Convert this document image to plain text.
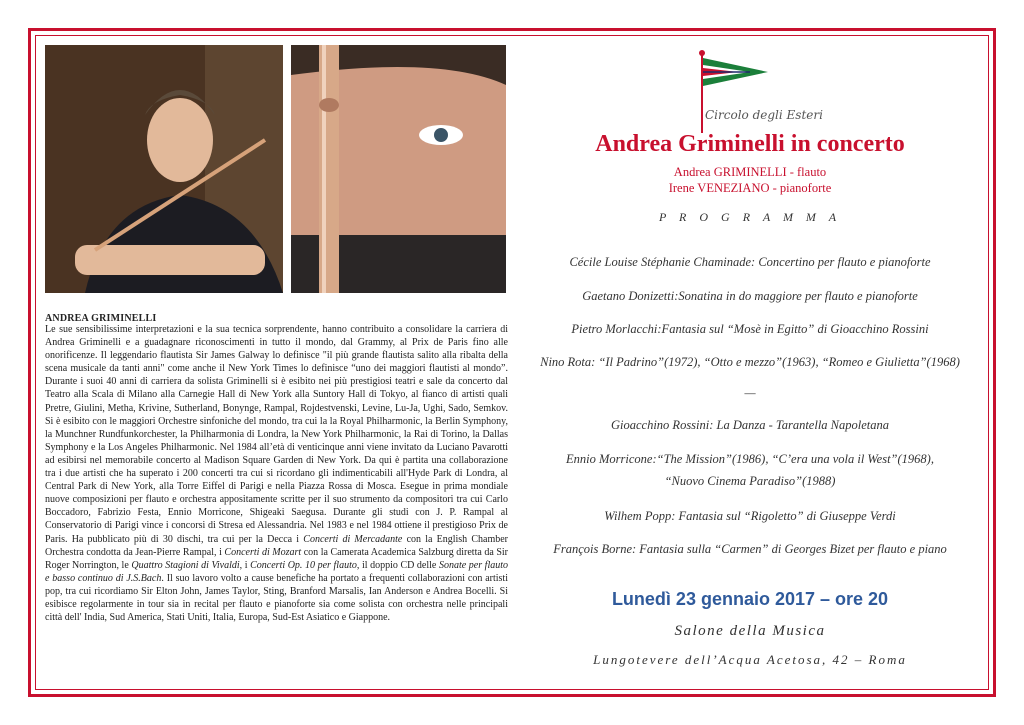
ANDREA GRIMINELLI
Le sue sensibilissime interpretazioni e la sua tecnica sorprendente, hanno contribuito a consolidare la carriera di Andrea Griminelli e a guadagnare riconoscimenti in tutto il mondo, dal Grammy, al Prix de Paris fino alle onorificenze. Il leggendario flautista Sir James Galway lo definisce "il più grande flautista salito alla ribalta della scena musicale da tanti anni" come anche il New York Times lo definisce “uno dei maggiori flautisti al mondo”. Durante i suoi 40 anni di carriera da solista Griminelli si è esibito nei più prestigiosi teatri e sale da concerto dal Teatro alla Scala di Milano alla Carnegie Hall di New York alla Suntory Hall di Tokyo, al fianco di artisti quali Pretre, Giulini, Metha, Krivine, Sutherland, Bonynge, Rampal, Rojdestvenski, Levine, Lu-Ja, Ughi, Sado, Semkov. Si è esibito con le maggiori Orchestre sinfoniche del mondo, tra cui la la Royal Philharmonic, la Berlin Symphony, la Munchner Rundfunkorchester, la Philharmonia di Londra, la New York Philharmonic, la Rai di Torino, la Dallas Symphony e la Los Angeles Philharmonic. Nel 1984 all’età di venticinque anni viene invitato da Luciano Pavarotti ad esibirsi nel memorabile concerto al Madison Square Garden di New York. Da qui è partita una collaborazione tra i due artisti che ha superato i 200 concerti tra cui si ricordano gli indimenticabili all'Hyde Park di Londra, al Central Park di New York, alla Torre Eiffel di Parigi e nella Piazza Rossa di Mosca. Esegue in prima mondiale nuove composizioni per flauto e orchestra appositamente scritte per il suo strumento da compositori tra cui Carlo Boccadoro, Fabrizio Festa, Ennio Morricone, Shigeaki Saegusa. Durante gli studi con J. P. Rampal al Conservatorio di Parigi vince i concorsi di Stresa ed Alessandria. Nel 1983 e nel 1984 ottiene il prestigioso Prix de Paris. Ha pubblicato più di 30 dischi, tra cui per la Decca i Concerti di Mercadante con la English Chamber Orchestra condotta da Jean-Pierre Rampal, i Concerti di Mozart con la Camerata Academica Salzburg diretta da Sir Roger Norrington, le Quattro Stagioni di Vivaldi, i Concerti Op. 10 per flauto, il doppio CD delle Sonate per flauto e basso continuo di J.S.Bach. Il suo lavoro volto a cause benefiche ha portato a frequenti collaborazioni con artisti pop, tra cui ricordiamo Sir Elton John, James Taylor, Sting, Branford Marsalis, Ian Anderson e Andrea Bocelli. Si esibisce regolarmente in tour sia in recital per flauto e pianoforte sia come solista con orchestra nelle principali città dell' India, Sud America, Stati Uniti, Italia, Europa, Sud-Est Asiatico e Giappone.
Circolo degli Esteri
Andrea Griminelli in concerto
Andrea GRIMINELLI - flauto
Irene VENEZIANO - pianoforte
P R O G R A M M A
Cécile Louise Stéphanie Chaminade: Concertino per flauto e pianoforte
Gaetano Donizetti:Sonatina in do maggiore per flauto e pianoforte
Pietro Morlacchi:Fantasia sul “Mosè in Egitto” di Gioacchino Rossini
Nino Rota: “Il Padrino”(1972), “Otto e mezzo”(1963), “Romeo e Giulietta”(1968)
—
Gioacchino Rossini: La Danza - Tarantella Napoletana
Ennio Morricone:“The Mission”(1986), “C’era una vola il West”(1968),
“Nuovo Cinema Paradiso”(1988)
Wilhem Popp: Fantasia sul “Rigoletto” di Giuseppe Verdi
François Borne: Fantasia sulla “Carmen” di Georges Bizet per flauto e piano
Lunedì 23 gennaio 2017 – ore 20
Salone della Musica
Lungotevere dell’Acqua Acetosa, 42 – Roma
